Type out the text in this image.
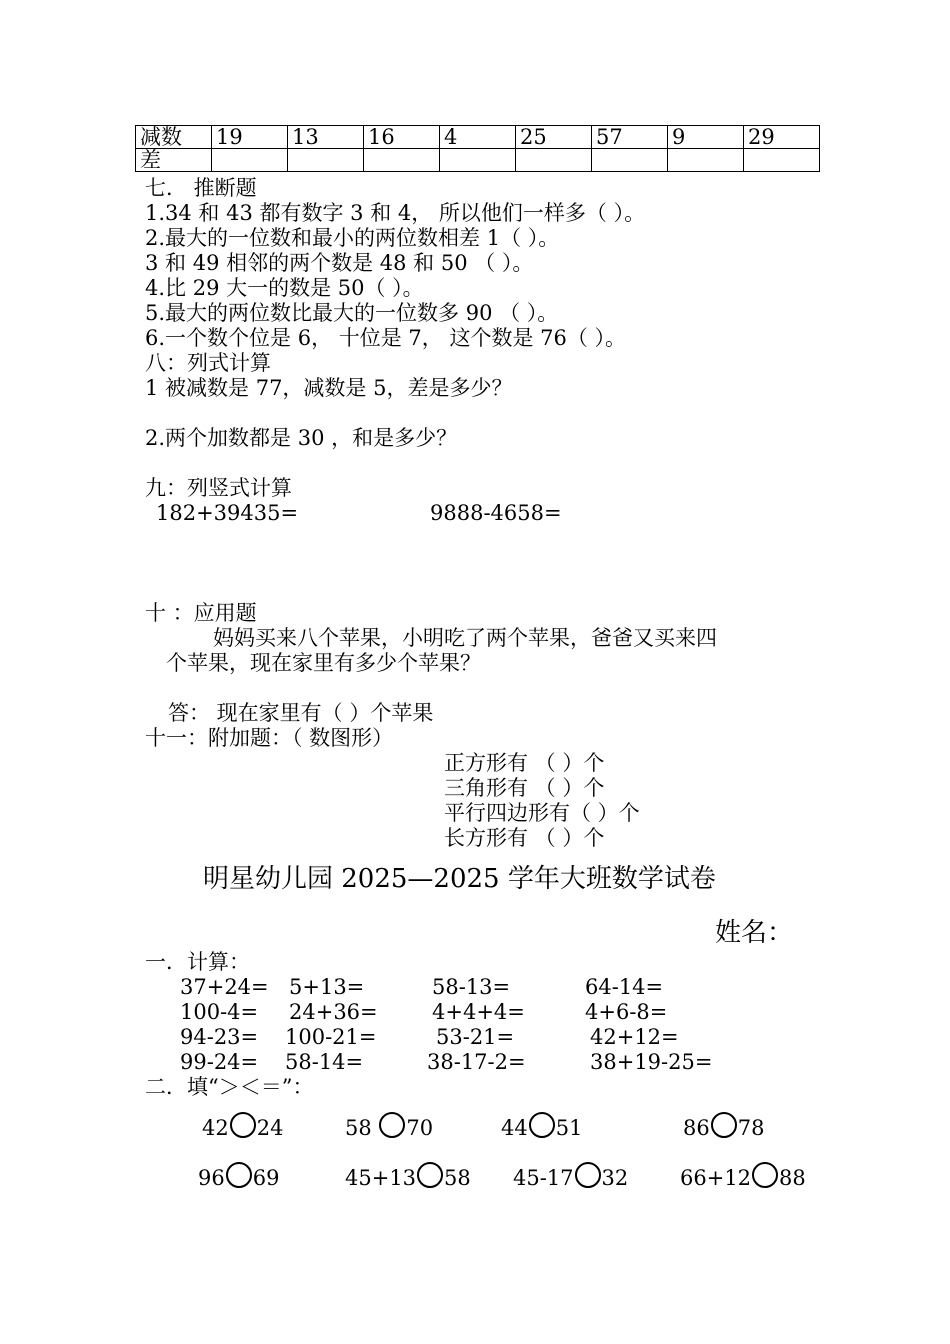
减数	19	13	16	4	25	57	9	29
差								
七． 推断题
1.34 和 43 都有数字 3 和 4， 所以他们一样多（ ）。
2.最大的一位数和最小的两位数相差 1（ ）。
3 和 49 相邻的两个数是 48 和 50 （ ）。
4.比 29 大一的数是 50（ ）。
5.最大的两位数比最大的一位数多 90 （ ）。
6.一个数个位是 6， 十位是 7， 这个数是 76（ ）。
八：列式计算
1 被减数是 77，减数是 5，差是多少？
2.两个加数都是 30 ，和是多少？
九：列竖式计算
182+39435=	9888-4658=
十 ：应用题
妈妈买来八个苹果，小明吃了两个苹果，爸爸又买来四
个苹果，现在家里有多少个苹果？
答： 现在家里有（ ）个苹果
十一：附加题：（ 数图形）
正方形有 （ ）个
三角形有 （ ）个
平行四边形有（ ）个
长方形有 （ ）个
明星幼儿园 2025—2025 学年大班数学试卷
姓名：
一．计算：
37+24= 5+13=	58-13=	64-14=
100-4= 24+36=	4+4+4=	4+6-8=
94-23= 100-21=	53-21=	42+12=
99-24= 58-14=	38-17-2=	38+19-25=
二．填“＞＜＝”：
42 24	58 70	44 51	86 78
96 69	45+13 58 45-17 32 66+12 88
